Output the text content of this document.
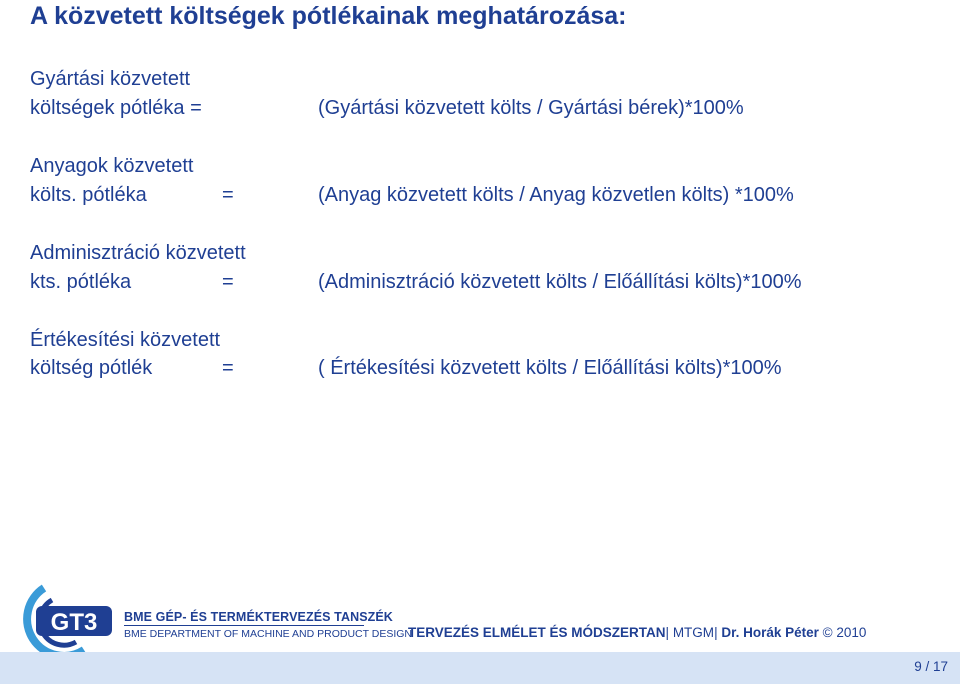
A közvetett költségek pótlékainak meghatározása:
Gyártási közvetett
költségek pótléka =	(Gyártási közvetett költs / Gyártási bérek)*100%
Anyagok közvetett
költs. pótléka	=	(Anyag közvetett költs / Anyag közvetlen költs) *100%
Adminisztráció közvetett
kts. pótléka	=	(Adminisztráció közvetett költs / Előállítási költs)*100%
Értékesítési közvetett
költség pótlék	=	( Értékesítési közvetett költs / Előállítási költs)*100%
GT3 BME GÉP- ÉS TERMÉKTERVEZÉS TANSZÉK
BME DEPARTMENT OF MACHINE AND PRODUCT DESIGN
TERVEZÉS ELMÉLET ÉS MÓDSZERTAN| MTGM| Dr. Horák Péter © 2010
9 / 17
